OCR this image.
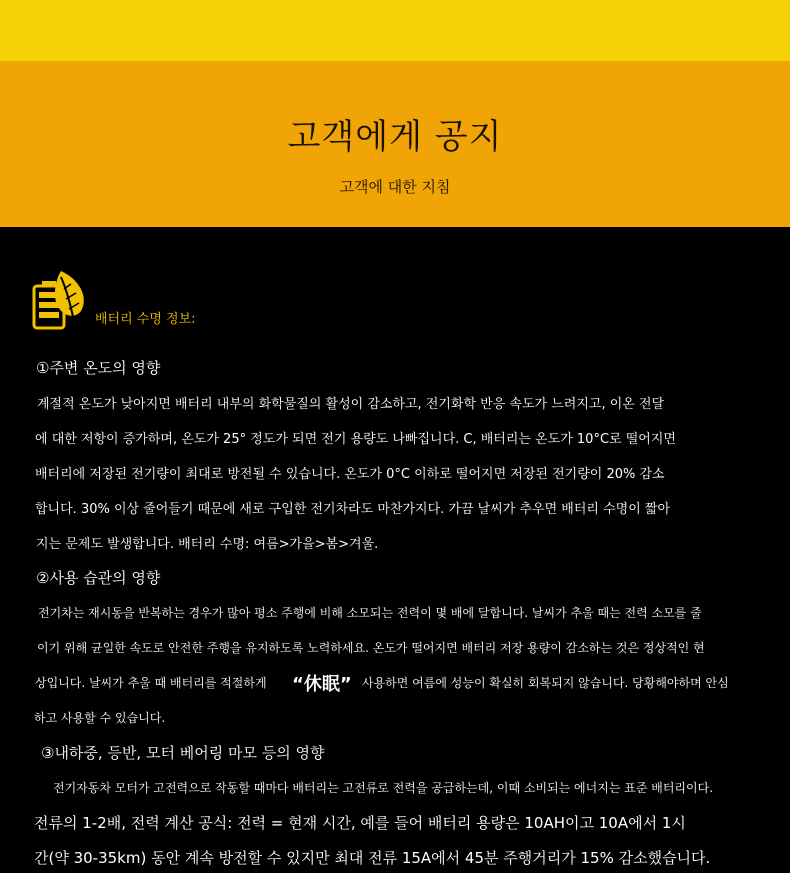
고객에게 공지
고객에 대한 지침
배터리 수명 정보:
①주변 온도의 영향
계절적 온도가 낮아지면 배터리 내부의 화학물질의 활성이 감소하고, 전기화학 반응 속도가 느려지고, 이온 전달
에 대한 저항이 증가하며, 온도가 25° 정도가 되면 전기 용량도 나빠집니다. C, 배터리는 온도가 10°C로 떨어지면
배터리에 저장된 전기량이 최대로 방전될 수 있습니다. 온도가 0°C 이하로 떨어지면 저장된 전기량이 20% 감소
합니다. 30% 이상 줄어들기 때문에 새로 구입한 전기차라도 마찬가지다. 가끔 날씨가 추우면 배터리 수명이 짧아
지는 문제도 발생합니다. 배터리 수명: 여름>가을>봄>겨울.
②사용 습관의 영향
전기차는 재시동을 반복하는 경우가 많아 평소 주행에 비해 소모되는 전력이 몇 배에 달합니다. 날씨가 추울 때는 전력 소모를 줄
이기 위해 균일한 속도로 안전한 주행을 유지하도록 노력하세요. 온도가 떨어지면 배터리 저장 용량이 감소하는 것은 정상적인 현
상입니다. 날씨가 추울 때 배터리를 적절하게 “休眠” 사용하면 여름에 성능이 확실히 회복되지 않습니다. 당황해야하며 안심
하고 사용할 수 있습니다.
③내하중, 등반, 모터 베어링 마모 등의 영향
전기자동차 모터가 고전력으로 작동할 때마다 배터리는 고전류로 전력을 공급하는데, 이때 소비되는 에너지는 표준 배터리이다.
전류의 1-2배, 전력 계산 공식: 전력 = 현재 시간, 예를 들어 배터리 용량은 10AH이고 10A에서 1시
간(약 30-35km) 동안 계속 방전할 수 있지만 최대 전류 15A에서 45분 주행거리가 15% 감소했습니다.
